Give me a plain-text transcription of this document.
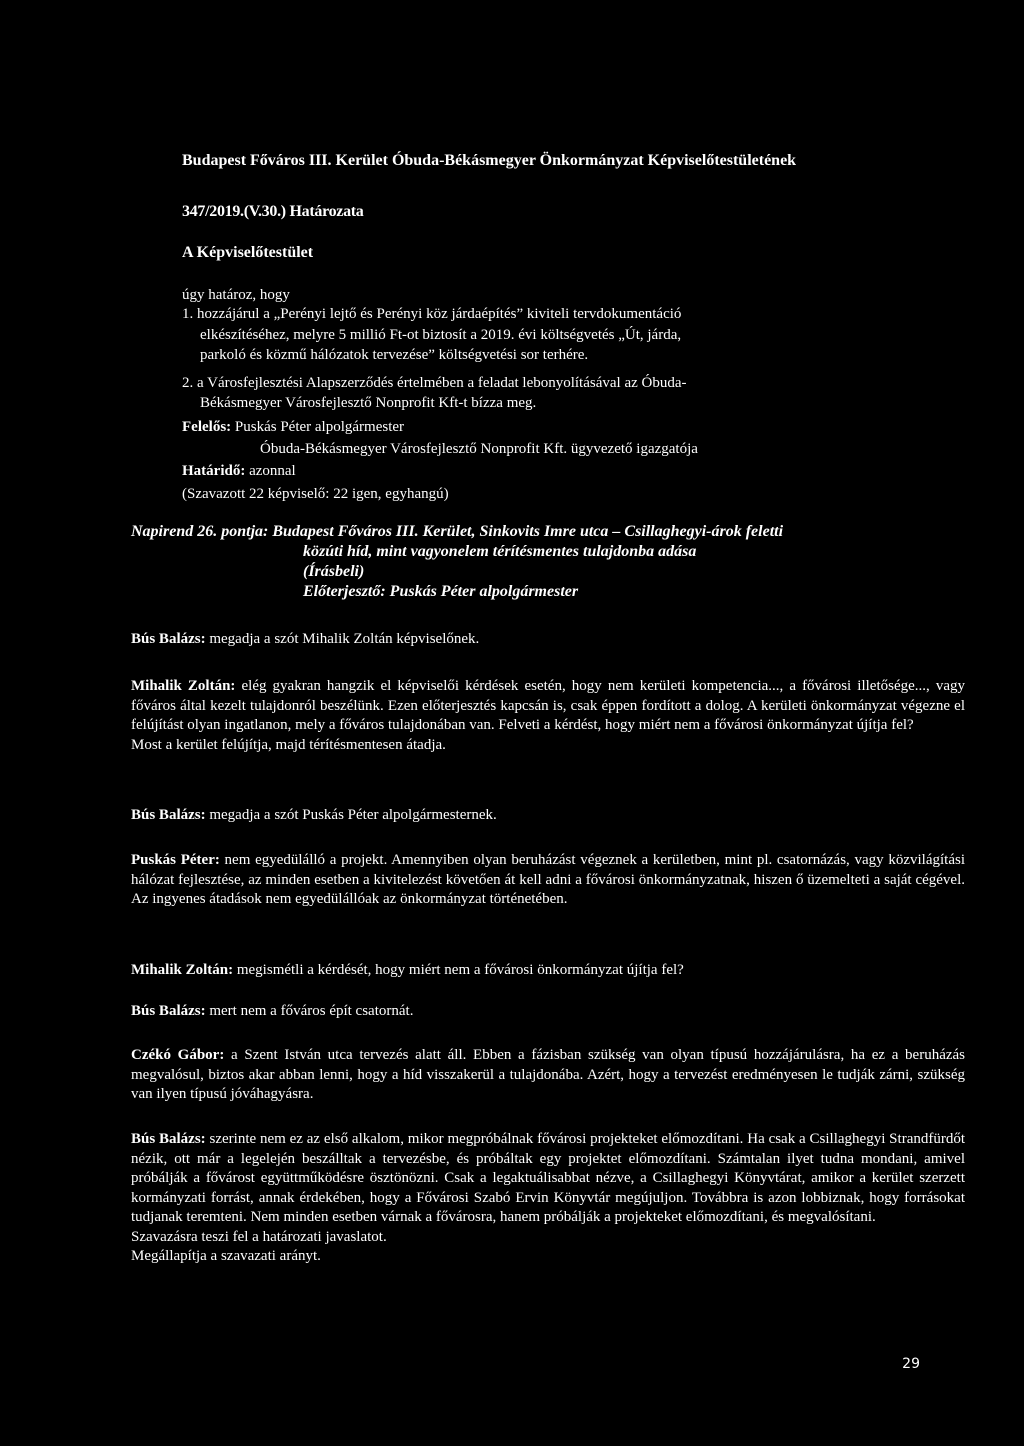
Budapest Főváros III. Kerület Óbuda-Békásmegyer Önkormányzat Képviselőtestületének
347/2019.(V.30.) Határozata
A Képviselőtestület
úgy határoz, hogy
1. hozzájárul a „Perényi lejtő és Perényi köz járdaépítés” kiviteli tervdokumentáció
elkészítéséhez, melyre 5 millió Ft-ot biztosít a 2019. évi költségvetés „Út, járda,
parkoló és közmű hálózatok tervezése” költségvetési sor terhére.
2. a Városfejlesztési Alapszerződés értelmében a feladat lebonyolításával az Óbuda-
Békásmegyer Városfejlesztő Nonprofit Kft-t bízza meg.
Felelős: Puskás Péter alpolgármester
Óbuda-Békásmegyer Városfejlesztő Nonprofit Kft. ügyvezető igazgatója
Határidő: azonnal
(Szavazott 22 képviselő: 22 igen, egyhangú)
Napirend 26. pontja: Budapest Főváros III. Kerület, Sinkovits Imre utca – Csillaghegyi-árok feletti
közúti híd, mint vagyonelem térítésmentes tulajdonba adása
(Írásbeli)
Előterjesztő: Puskás Péter alpolgármester

Bús Balázs: megadja a szót Mihalik Zoltán képviselőnek.

Mihalik Zoltán: elég gyakran hangzik el képviselői kérdések esetén, hogy nem kerületi kompetencia..., a fővárosi illetősége..., vagy főváros által kezelt tulajdonról beszélünk. Ezen előterjesztés kapcsán is, csak éppen fordított a dolog. A kerületi önkormányzat végezne el felújítást olyan ingatlanon, mely a főváros tulajdonában van. Felveti a kérdést, hogy miért nem a fővárosi önkormányzat újítja fel?

Most a kerület felújítja, majd térítésmentesen átadja.

Bús Balázs: megadja a szót Puskás Péter alpolgármesternek.

Puskás Péter: nem egyedülálló a projekt. Amennyiben olyan beruházást végeznek a kerületben, mint pl. csatornázás, vagy közvilágítási hálózat fejlesztése, az minden esetben a kivitelezést követően át kell adni a fővárosi önkormányzatnak, hiszen ő üzemelteti a saját cégével. Az ingyenes átadások nem egyedülállóak az önkormányzat történetében.

Mihalik Zoltán: megismétli a kérdését, hogy miért nem a fővárosi önkormányzat újítja fel?

Bús Balázs: mert nem a főváros épít csatornát.

Czékó Gábor: a Szent István utca tervezés alatt áll. Ebben a fázisban szükség van olyan típusú hozzájárulásra, ha ez a beruházás megvalósul, biztos akar abban lenni, hogy a híd visszakerül a tulajdonába. Azért, hogy a tervezést eredményesen le tudják zárni, szükség van ilyen típusú jóváhagyásra.

Bús Balázs: szerinte nem ez az első alkalom, mikor megpróbálnak fővárosi projekteket előmozdítani. Ha csak a Csillaghegyi Strandfürdőt nézik, ott már a legelején beszálltak a tervezésbe, és próbáltak egy projektet előmozdítani. Számtalan ilyet tudna mondani, amivel próbálják a fővárost együttműködésre ösztönözni. Csak a legaktuálisabbat nézve, a Csillaghegyi Könyvtárat, amikor a kerület szerzett kormányzati forrást, annak érdekében, hogy a Fővárosi Szabó Ervin Könyvtár megújuljon. Továbbra is azon lobbiznak, hogy forrásokat tudjanak teremteni. Nem minden esetben várnak a fővárosra, hanem próbálják a projekteket előmozdítani, és megvalósítani.

Szavazásra teszi fel a határozati javaslatot.

Megállapítja a szavazati arányt.

29
